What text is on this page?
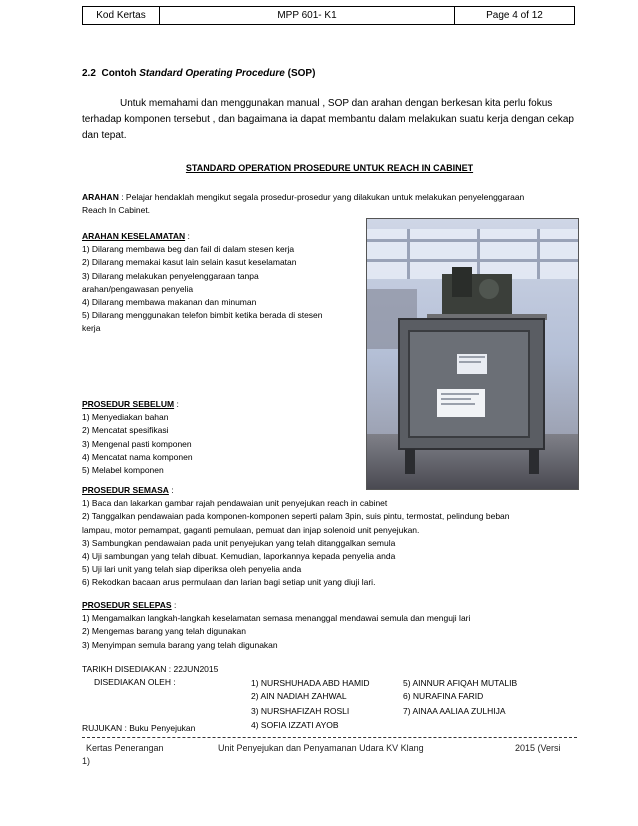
Kod Kertas	MPP 601- K1	Page 4 of 12
2.2 Contoh Standard Operating Procedure (SOP)

Untuk memahami dan menggunakan manual , SOP dan arahan dengan berkesan kita perlu fokus terhadap komponen tersebut , dan bagaimana ia dapat membantu dalam melakukan suatu kerja dengan cekap dan tepat.

STANDARD OPERATION PROSEDURE UNTUK REACH IN CABINET
ARAHAN : Pelajar hendaklah mengikut segala prosedur-prosedur yang dilakukan untuk melakukan penyelenggaraan
Reach In Cabinet.
ARAHAN KESELAMATAN :
1) Dilarang membawa beg dan fail di dalam stesen kerja
2) Dilarang memakai kasut lain selain kasut keselamatan
3) Dilarang melakukan penyelenggaraan tanpa
arahan/pengawasan penyelia
4) Dilarang membawa makanan dan minuman
5) Dilarang menggunakan telefon bimbit ketika berada di stesen
kerja
PROSEDUR SEBELUM :
1) Menyediakan bahan
2) Mencatat spesifikasi
3) Mengenal pasti komponen
4) Mencatat nama komponen
5) Melabel komponen
PROSEDUR SEMASA :
1) Baca dan lakarkan gambar rajah pendawaian unit penyejukan reach in cabinet
2) Tanggalkan pendawaian pada komponen-komponen seperti palam 3pin, suis pintu, termostat, pelindung beban
lampau, motor pemampat, gaganti pemulaan, pemuat dan injap solenoid unit penyejukan.
3) Sambungkan pendawaian pada unit penyejukan yang telah ditanggalkan semula
4) Uji sambungan yang telah dibuat. Kemudian, laporkannya kepada penyelia anda
5) Uji lari unit yang telah siap diperiksa oleh penyelia anda
6) Rekodkan bacaan arus permulaan dan larian bagi setiap unit yang diuji lari.
PROSEDUR SELEPAS :
1) Mengamalkan langkah-langkah keselamatan semasa menanggal mendawai semula dan menguji lari
2) Mengemas barang yang telah digunakan
3) Menyimpan semula barang yang telah digunakan
TARIKH DISEDIAKAN : 22JUN2015
DISEDIAKAN OLEH :	1) NURSHUHADA ABD HAMID
2) AIN NADIAH ZAHWAL
3) NURSHAFIZAH ROSLI
4) SOFIA IZZATI AYOB
5) AINNUR AFIQAH MUTALIB
6) NURAFINA FARID
7) AINAA AALIAA ZULHIJA
RUJUKAN : Buku Penyejukan
Kertas Penerangan	Unit Penyejukan dan Penyamanan Udara KV Klang	2015 (Versi
1)
